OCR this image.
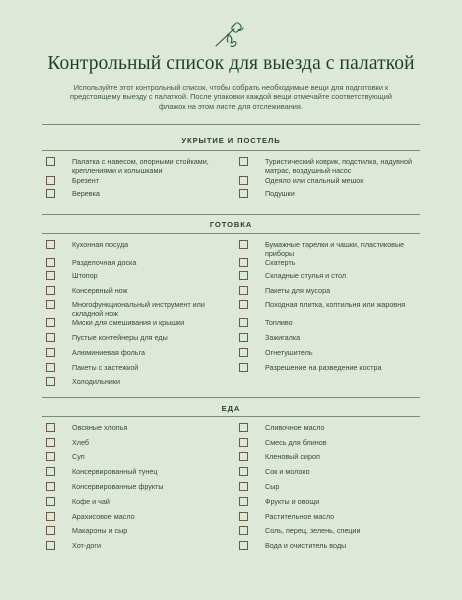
Контрольный список для выезда с палаткой
Используйте этот контрольный список, чтобы собрать необходимые вещи для подготовки к предстоящему выезду с палаткой. После упаковки каждой вещи отмечайте соответствующий флажок на этом листе для отслеживания.
УКРЫТИЕ И ПОСТЕЛЬ
Палатка с навесом, опорными стойками, креплениями и колышками
Брезент
Веревка
Туристический коврик, подстилка, надувной матрас, воздушный насос
Одеяло или спальный мешок
Подушки
ГОТОВКА
Кухонная посуда
Разделочная доска
Штопор
Консервный нож
Многофункциональный инструмент или складной нож
Миски для смешивания и крышки
Пустые контейнеры для еды
Алюминиевая фольга
Пакеты с застежкой
Холодильники
Бумажные тарелки и чашки, пластиковые приборы
Скатерть
Складные стулья и стол
Пакеты для мусора
Походная плитка, коптильня или жаровня
Топливо
Зажигалка
Огнетушитель
Разрешение на разведение костра
ЕДА
Овсяные хлопья
Хлеб
Суп
Консервированный тунец
Консервированные фрукты
Кофе и чай
Арахисовое масло
Макароны и сыр
Хот-доги
Сливочное масло
Смесь для блинов
Кленовый сироп
Сок и молоко
Сыр
Фрукты и овощи
Растительное масло
Соль, перец, зелень, специи
Вода и очиститель воды
